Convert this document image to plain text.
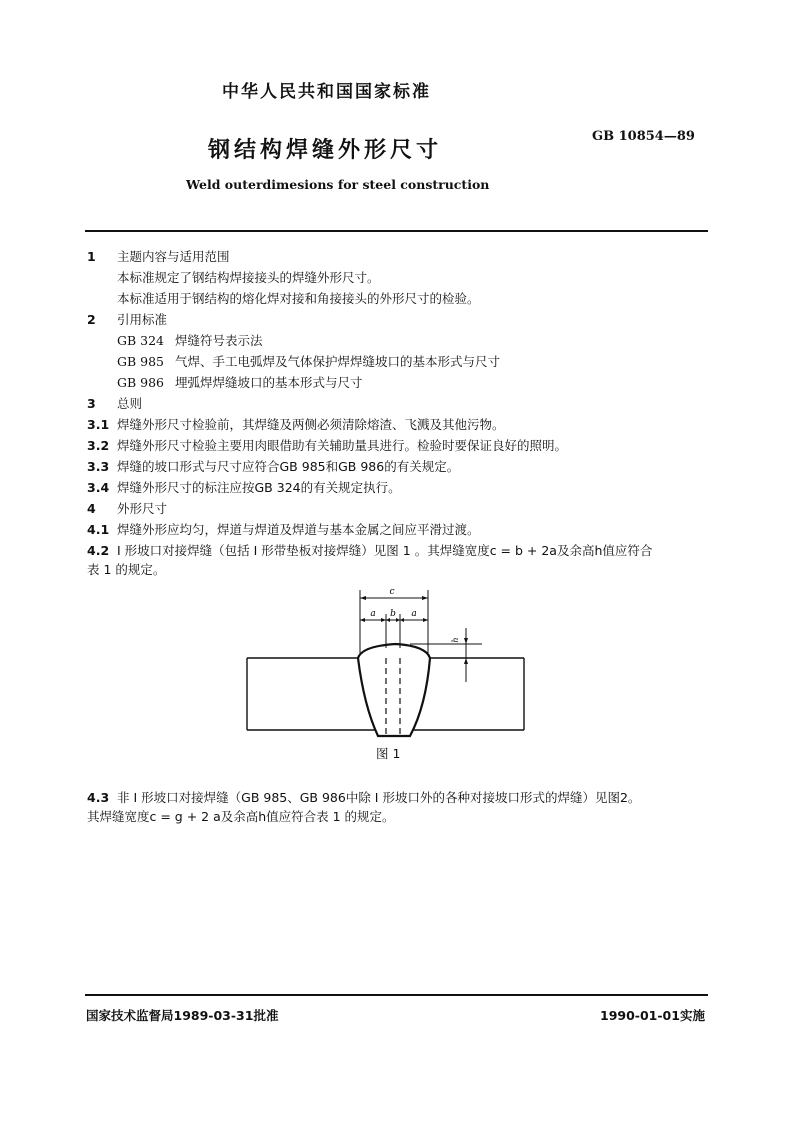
中华人民共和国国家标准
钢结构焊缝外形尺寸
GB 10854—89
Weld outerdimesions for steel construction
1 主题内容与适用范围
本标准规定了钢结构焊接接头的焊缝外形尺寸。
本标准适用于钢结构的熔化焊对接和角接接头的外形尺寸的检验。
2 引用标准
GB 324 焊缝符号表示法
GB 985 气焊、手工电弧焊及气体保护焊焊缝坡口的基本形式与尺寸
GB 986 埋弧焊焊缝坡口的基本形式与尺寸
3 总则
3.1 焊缝外形尺寸检验前，其焊缝及两侧必须清除熔渣、飞溅及其他污物。
3.2 焊缝外形尺寸检验主要用肉眼借助有关辅助量具进行。检验时要保证良好的照明。
3.3 焊缝的坡口形式与尺寸应符合GB 985和GB 986的有关规定。
3.4 焊缝外形尺寸的标注应按GB 324的有关规定执行。
4 外形尺寸
4.1 焊缝外形应均匀，焊道与焊道及焊道与基本金属之间应平滑过渡。
4.2 I 形坡口对接焊缝（包括 I 形带垫板对接焊缝）见图 1 。其焊缝宽度c = b + 2a及余高h值应符合
表 1 的规定。
c
a b a
h
图 1
4.3 非 I 形坡口对接焊缝（GB 985、GB 986中除 I 形坡口外的各种对接坡口形式的焊缝）见图2。
其焊缝宽度c = g + 2 a及余高h值应符合表 1 的规定。
国家技术监督局1989-03-31批准	1990-01-01实施
